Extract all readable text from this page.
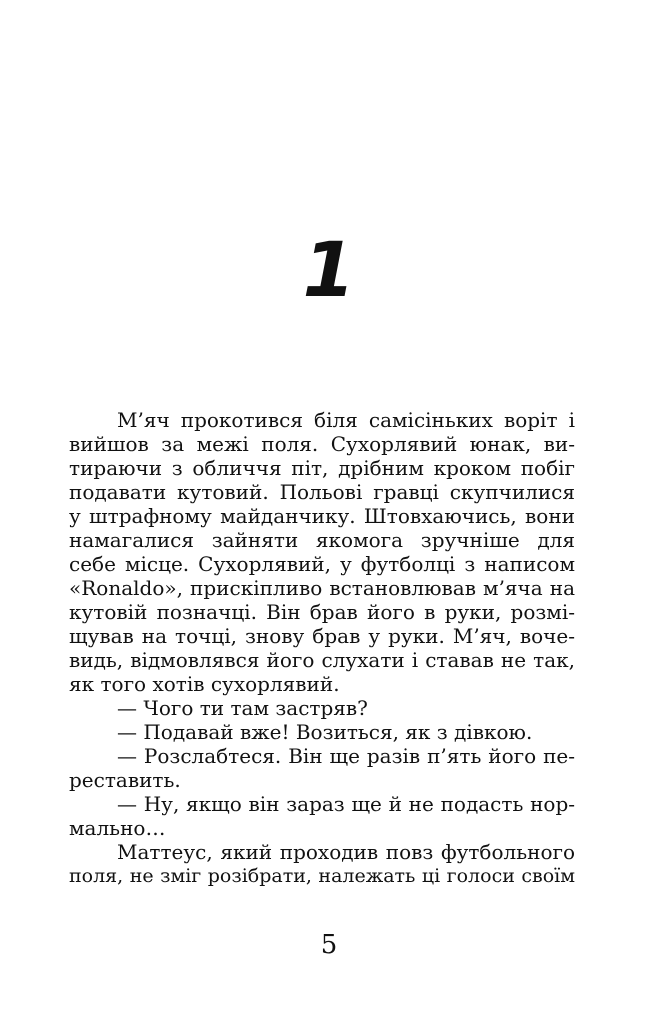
1
М’яч прокотився біля самісіньких воріт і
вийшов за межі поля. Сухорлявий юнак, ви-
тираючи з обличчя піт, дрібним кроком побіг
подавати кутовий. Польові гравці скупчилися
у штрафному майданчику. Штовхаючись, вони
намагалися зайняти якомога зручніше для
себе місце. Сухорлявий, у футболці з написом
«Ronaldo», прискіпливо встановлював м’яча на
кутовій позначці. Він брав його в руки, розмі-
щував на точці, знову брав у руки. М’яч, воче-
видь, відмовлявся його слухати і ставав не так,
як того хотів сухорлявий.
— Чого ти там застряв?
— Подавай вже! Возиться, як з дівкою.
— Розслабтеся. Він ще разів п’ять його пе-
реставить.
— Ну, якщо він зараз ще й не подасть нор-
мально…
Маттеус, який проходив повз футбольного
поля, не зміг розібрати, належать ці голоси своїм
5
